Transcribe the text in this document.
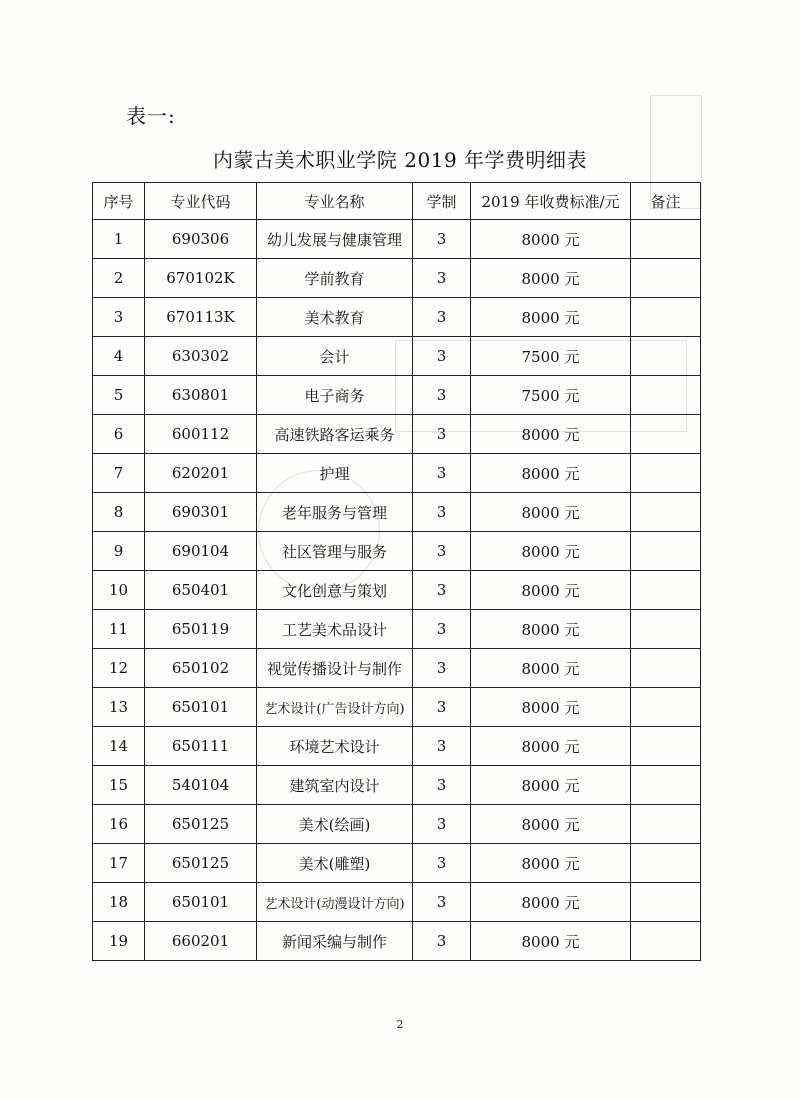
表一:
内蒙古美术职业学院 2019 年学费明细表
序号	专业代码	专业名称	学制	2019 年收费标准/元	备注
1	690306	幼儿发展与健康管理	3	8000 元	
2	670102K	学前教育	3	8000 元	
3	670113K	美术教育	3	8000 元	
4	630302	会计	3	7500 元	
5	630801	电子商务	3	7500 元	
6	600112	高速铁路客运乘务	3	8000 元	
7	620201	护理	3	8000 元	
8	690301	老年服务与管理	3	8000 元	
9	690104	社区管理与服务	3	8000 元	
10	650401	文化创意与策划	3	8000 元	
11	650119	工艺美术品设计	3	8000 元	
12	650102	视觉传播设计与制作	3	8000 元	
13	650101	艺术设计(广告设计方向)	3	8000 元	
14	650111	环境艺术设计	3	8000 元	
15	540104	建筑室内设计	3	8000 元	
16	650125	美术(绘画)	3	8000 元	
17	650125	美术(雕塑)	3	8000 元	
18	650101	艺术设计(动漫设计方向)	3	8000 元	
19	660201	新闻采编与制作	3	8000 元	
2
